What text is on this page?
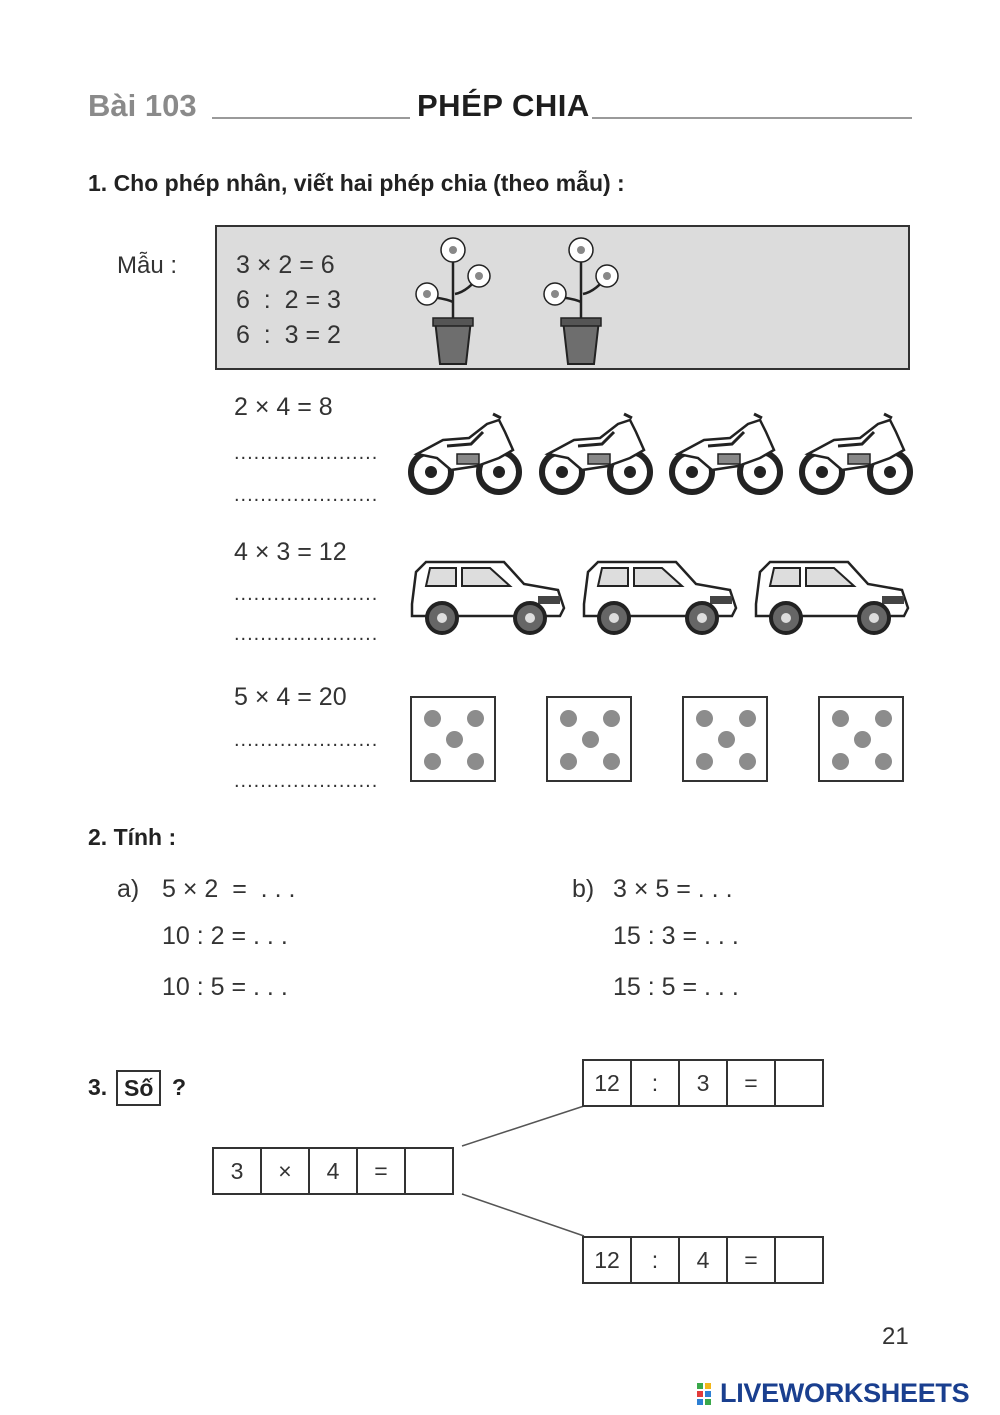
Bài 103	PHÉP CHIA
1. Cho phép nhân, viết hai phép chia (theo mẫu) :
Mẫu : 3 × 2 = 6
6  :  2 = 3
6  :  3 = 2
2 × 4 = 8
......................
......................
4 × 3 = 12
......................
......................
5 × 4 = 20
......................
......................
2. Tính :
a) 5 × 2  =  . . .
10 : 2 = . . .
10 : 5 = . . .
b) 3 × 5 = . . .
15 : 3 = . . .
15 : 5 = . . .
3. Số ?	12	:	3	=
3	×	4	=
12	:	4	=
21
LIVEWORKSHEETS
